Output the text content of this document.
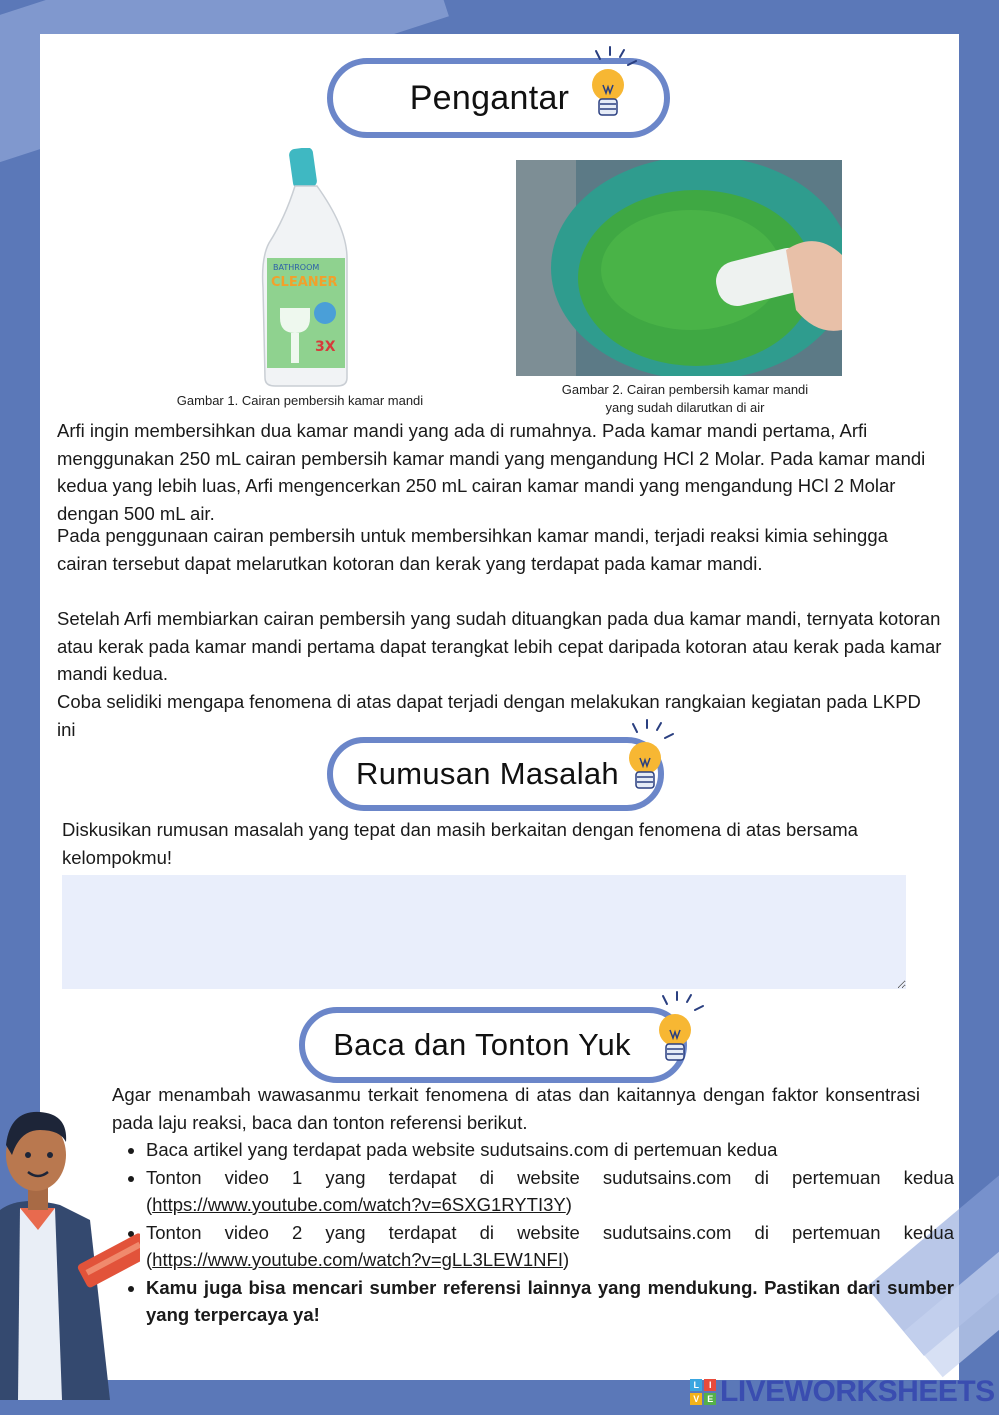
Pengantar
BATHROOM
CLEANER
3X
Gambar 1. Cairan pembersih kamar mandi
Gambar 2. Cairan pembersih kamar mandi
yang sudah dilarutkan di air
Arfi ingin membersihkan dua kamar mandi yang ada di rumahnya. Pada kamar mandi pertama, Arfi menggunakan 250 mL cairan pembersih kamar mandi yang mengandung HCl 2 Molar. Pada kamar mandi kedua yang lebih luas, Arfi mengencerkan 250 mL cairan kamar mandi yang mengandung HCl 2 Molar dengan 500 mL air.
Pada penggunaan cairan pembersih untuk membersihkan kamar mandi, terjadi reaksi kimia sehingga cairan tersebut dapat melarutkan kotoran dan kerak yang terdapat pada kamar mandi.
Setelah Arfi membiarkan cairan pembersih yang sudah dituangkan pada dua kamar mandi, ternyata kotoran atau kerak pada kamar mandi pertama dapat terangkat lebih cepat daripada kotoran atau kerak pada kamar mandi kedua.
Coba selidiki mengapa fenomena di atas dapat terjadi dengan melakukan rangkaian kegiatan pada LKPD ini
Rumusan Masalah
Diskusikan rumusan masalah yang tepat dan masih berkaitan dengan fenomena di atas bersama kelompokmu!
Baca dan Tonton Yuk
Agar menambah wawasanmu terkait fenomena di atas dan kaitannya dengan faktor konsentrasi pada laju reaksi, baca dan tonton referensi berikut.
• Baca artikel yang terdapat pada website sudutsains.com di pertemuan kedua
• Tonton video 1 yang terdapat di website sudutsains.com di pertemuan kedua (https://www.youtube.com/watch?v=6SXG1RYTI3Y)
• Tonton video 2 yang terdapat di website sudutsains.com di pertemuan kedua (https://www.youtube.com/watch?v=gLL3LEW1NFI)
• Kamu juga bisa mencari sumber referensi lainnya yang mendukung. Pastikan dari sumber yang terpercaya ya!
L	I
V E LIVEWORKSHEETS
